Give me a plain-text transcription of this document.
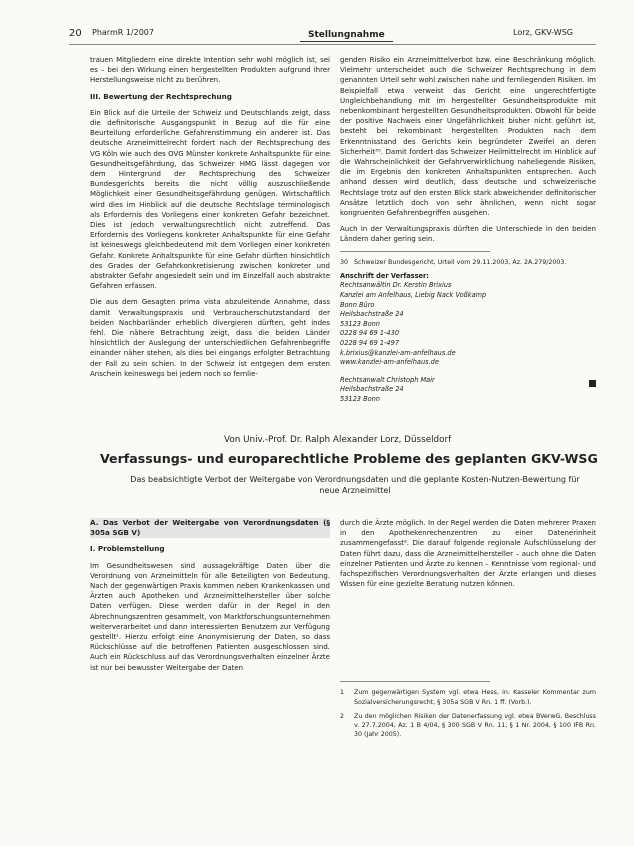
20 PharmR 1/2007	Stellungnahme	Lorz, GKV-WSG

trauen Mitgliedern eine direkte Intention sehr wohl möglich ist, sei es – bei den Wirkung einen hergestellten Produkten aufgrund ihrer Herstellungsweise nicht zu berühren.

III. Bewertung der Rechtsprechung

Ein Blick auf die Urteile der Schweiz und Deutschlands zeigt, dass die definitorische Ausgangspunkt in Bezug auf die für eine Beurteilung erforderliche Gefahrenstimmung ein anderer ist. Das deutsche Arzneimittelrecht fordert nach der Rechtsprechung des VG Köln wie auch des OVG Münster konkrete Anhaltspunkte für eine Gesundheitsgefährdung, das Schweizer HMG lässt dagegen vor dem Hintergrund der Rechtsprechung des Schweizer Bundesgerichts bereits die nicht völlig auszuschließende Möglichkeit einer Gesundheitsgefährdung genügen. Wirtschaftlich wird dies im Hinblick auf die deutsche Rechtslage terminologisch als Erfordernis des Vorliegens einer konkreten Gefahr bezeichnet. Dies ist jedoch verwaltungsrechtlich nicht zutreffend. Das Erfordernis des Vorliegens konkreter Anhaltspunkte für eine Gefahr ist keineswegs gleichbedeutend mit dem Vorliegen einer konkreten Gefahr. Konkrete Anhaltspunkte für eine Gefahr dürften hinsichtlich des Grades der Gefahrkonkretisierung zwischen konkreter und abstrakter Gefahr angesiedelt sein und im Einzelfall auch abstrakte Gefahren erfassen.

Die aus dem Gesagten prima vista abzuleitende Annahme, dass damit Verwaltungspraxis und Verbraucherschutzstandard der beiden Nachbarländer erheblich divergieren dürften, geht indes fehl. Die nähere Betrachtung zeigt, dass die beiden Länder hinsichtlich der Auslegung der unterschiedlichen Gefahrenbegriffe einander näher stehen, als dies bei eingangs erfolgter Betrachtung der Fall zu sein schien. In der Schweiz ist entgegen dem ersten Anschein keineswegs bei jedem noch so fernlie-

genden Risiko ein Arzneimittelverbot bzw. eine Beschränkung möglich. Vielmehr unterscheidet auch die Schweizer Rechtsprechung in dem genannten Urteil sehr wohl zwischen nahe und fernliegenden Risiken. Im Beispielfall etwa verweist das Gericht eine ungerechtfertigte Ungleichbehandlung mit im hergestellter Gesundheitsprodukte mit nebenkombinant hergestellten Gesundheitsprodukten. Obwohl für beide der positive Nachweis einer Ungefährlichkeit bisher nicht geführt ist, besteht bei rekombinant hergestellten Produkten nach dem Erkenntnisstand des Gerichts kein begründeter Zweifel an deren Sicherheit³⁰. Damit fordert das Schweizer Heilmittelrecht im Hinblick auf die Wahrscheinlichkeit der Gefahrverwirklichung naheliegende Risiken, die im Ergebnis den konkreten Anhaltspunkten entsprechen. Auch anhand dessen wird deutlich, dass deutsche und schweizerische Rechtslage trotz auf den ersten Blick stark abweichender definitorischer Ansätze letztlich doch von sehr ähnlichen, wenn nicht sogar kongruenten Gefahrenbegriffen ausgehen.

Auch in der Verwaltungspraxis dürften die Unterschiede in den beiden Ländern daher gering sein.

30 Schweizer Bundesgericht, Urteil vom 29.11.2003, Az. 2A.279/2003.
Anschrift der Verfasser:
Rechtsanwältin Dr. Kerstin Brixius
Kanzlei am Anfelhaus, Liebig Nack Voßkamp
Bonn Büro
Heilsbachstraße 24
53123 Bonn
0228 94 69 1-430
0228 94 69 1-497
k.brixius@kanzlei-am-anfelhaus.de
www.kanzlei-am-anfelhaus.de
Rechtsanwalt Christoph Mair
Heilsbachstraße 24
53123 Bonn
Von Univ.-Prof. Dr. Ralph Alexander Lorz, Düsseldorf
Verfassungs- und europarechtliche Probleme des geplanten GKV-WSG
Das beabsichtigte Verbot der Weitergabe von Verordnungsdaten und die geplante Kosten-Nutzen-Bewertung für neue Arzneimittel
A. Das Verbot der Weitergabe von Verordnungsdaten (§ 305a SGB V)
I. Problemstellung

Im Gesundheitswesen sind aussagekräftige Daten über die Verordnung von Arzneimitteln für alle Beteiligten von Bedeutung. Nach der gegenwärtigen Praxis kommen neben Krankenkassen und Ärzten auch Apotheken und Arzneimittelhersteller über solche Daten verfügen. Diese werden dafür in der Regel in den Abrechnungszentren gesammelt, von Marktforschungsunternehmen weiterverarbeitet und dann interessierten Benutzern zur Verfügung gestellt¹. Hierzu erfolgt eine Anonymisierung der Daten, so dass Rückschlüsse auf die betroffenen Patienten ausgeschlossen sind. Auch ein Rückschluss auf das Verordnungsverhalten einzelner Ärzte ist nur bei bewusster Weitergabe der Daten

durch die Ärzte möglich. In der Regel werden die Daten mehrerer Praxen in den Apothekenrechenzentren zu einer Datenerinheit zusammengefasst². Die darauf folgende regionale Aufschlüsselung der Daten führt dazu, dass die Arzneimittelhersteller – auch ohne die Daten einzelner Patienten und Ärzte zu kennen – Kenntnisse vom regional- und fachspezifischen Verordnungsverhalten der Ärzte erlangen und dieses Wissen für eine gezielte Beratung nutzen können.

1	Zum gegenwärtigen System vgl. etwa Hess, in: Kasseler Kommentar zum Sozialversicherungsrecht, § 305a SGB V Rn. 1 ff. (Vorb.).
2	Zu den möglichen Risiken der Datenerfassung vgl. etwa BVerwG, Beschluss v. 27.7.2004, Az. 1 B 4/04, § 300 SGB V Rn. 11, § 1 Nr. 2004, § 100 IFB Rn. 30 (Jahr 2005).
